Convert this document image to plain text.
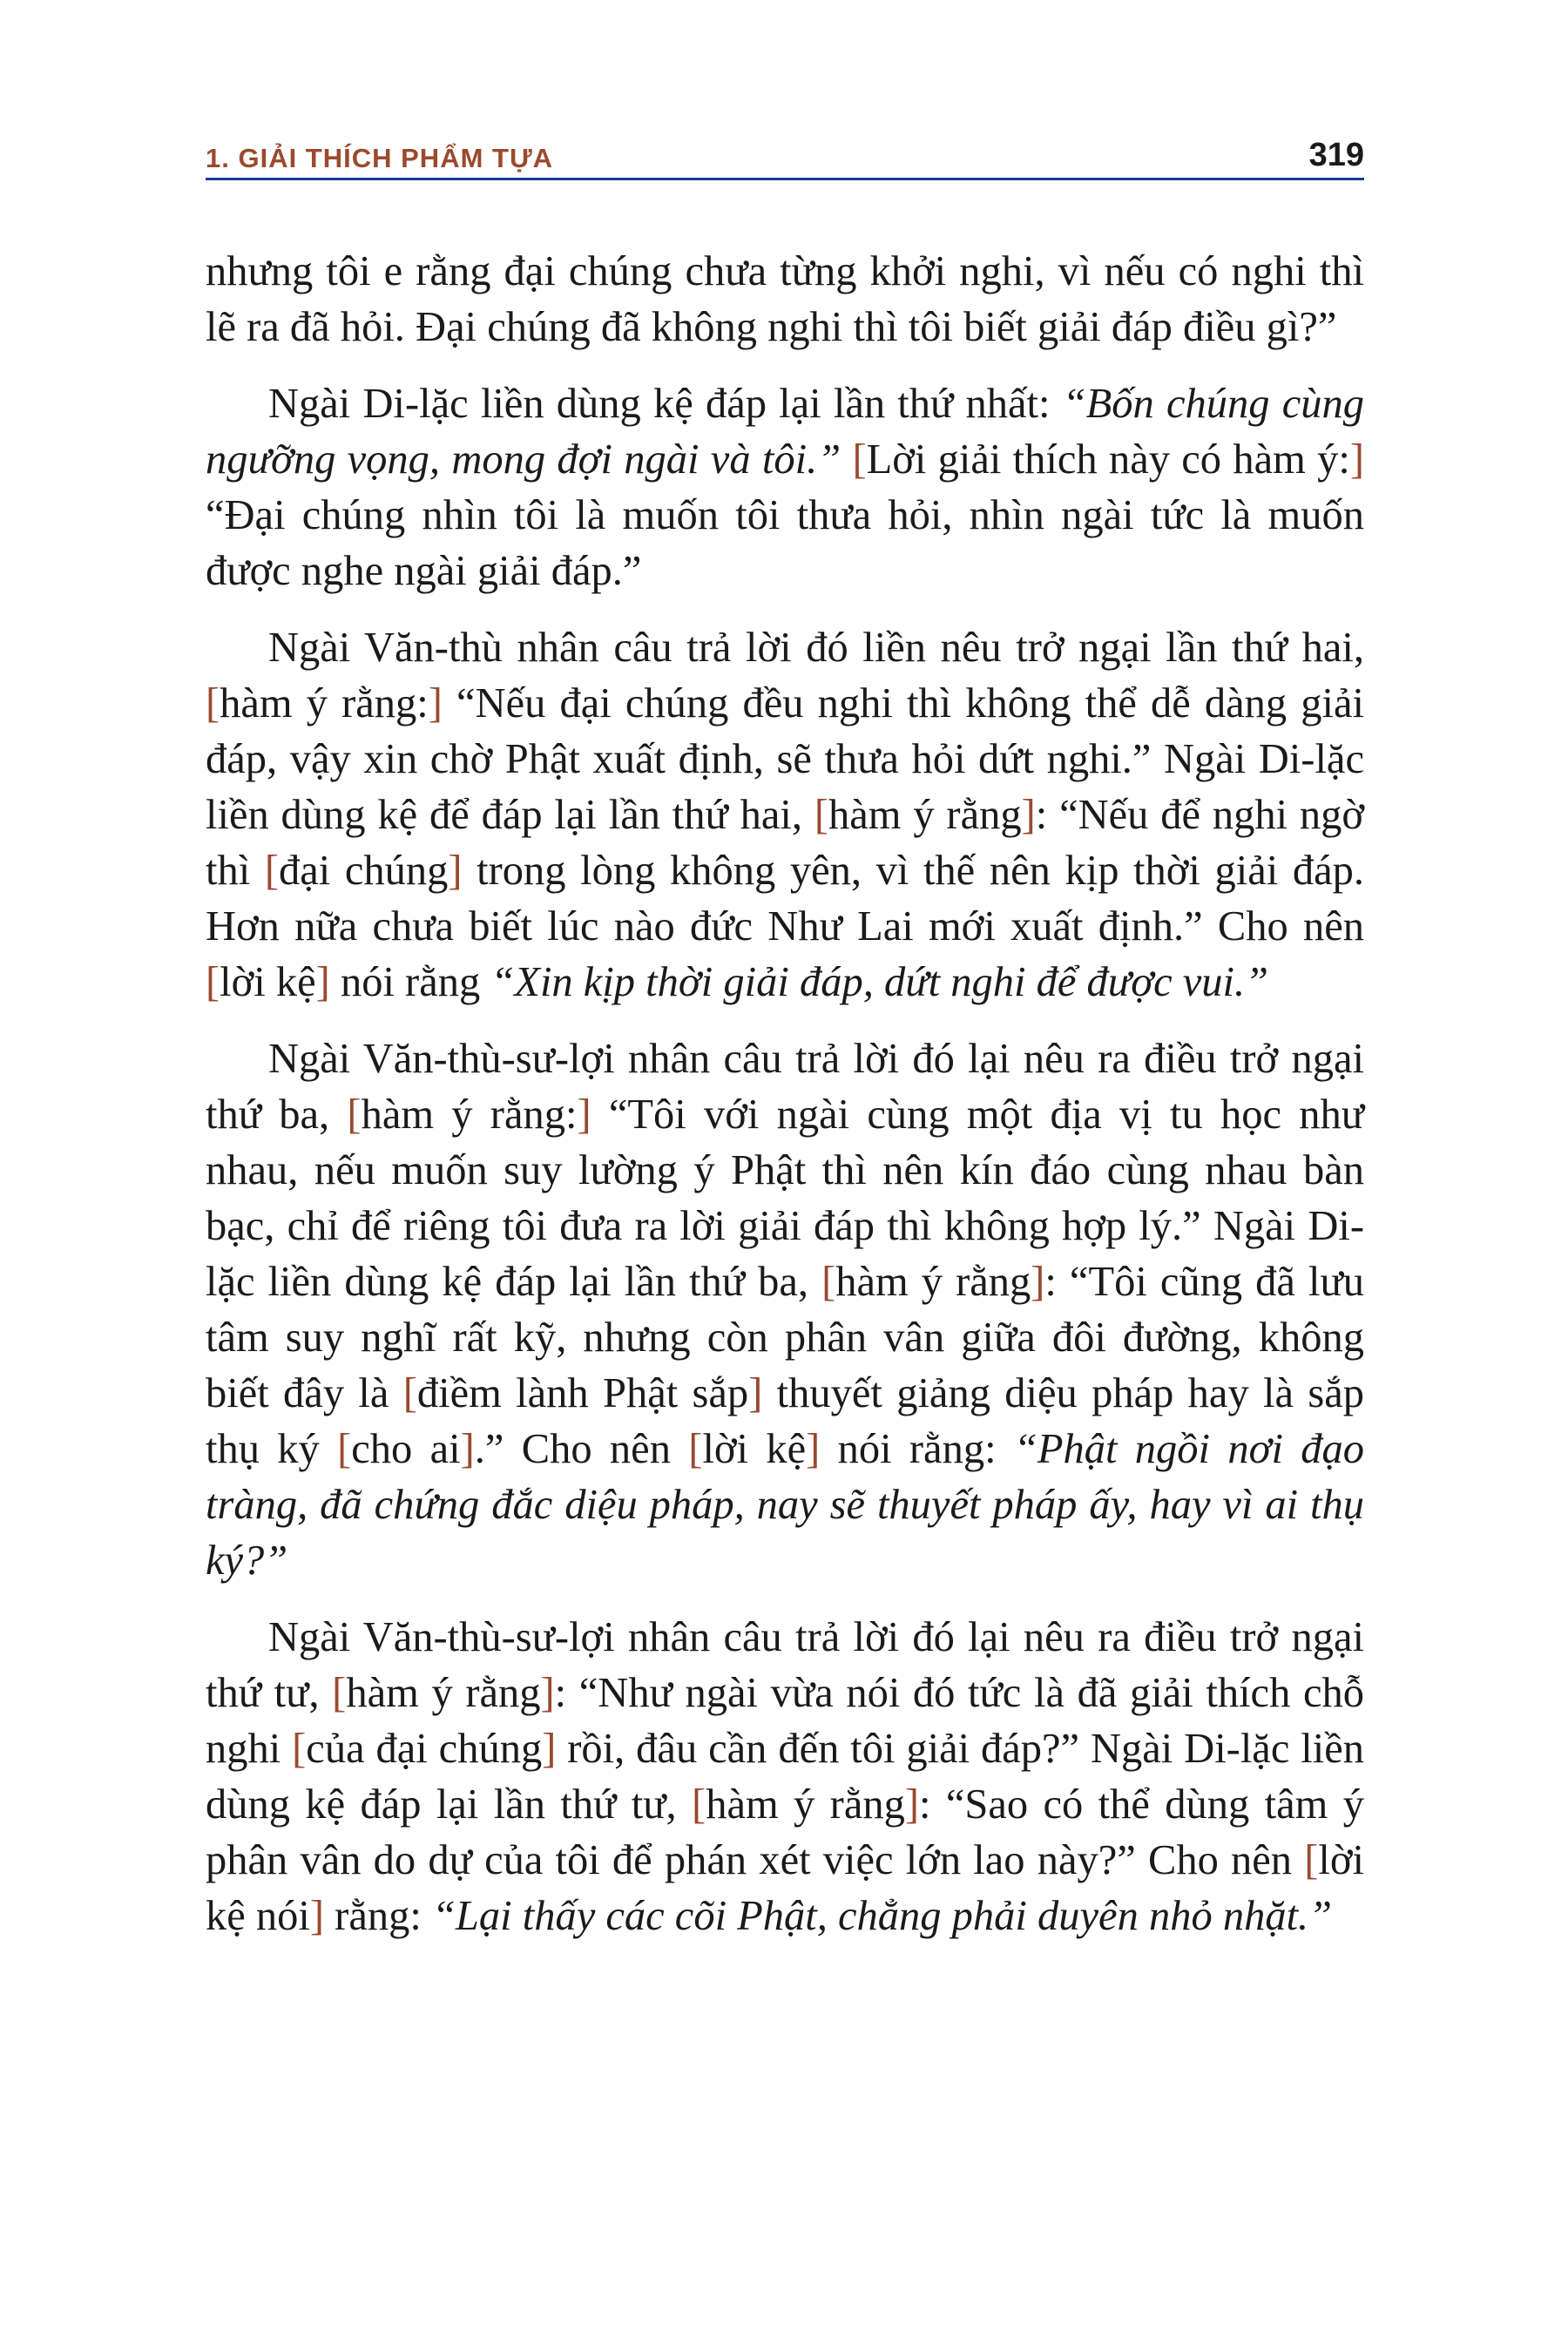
1. GIẢI THÍCH PHẨM TỰA	319

nhưng tôi e rằng đại chúng chưa từng khởi nghi, vì nếu có nghi thì lẽ ra đã hỏi. Đại chúng đã không nghi thì tôi biết giải đáp điều gì?”

Ngài Di-lặc liền dùng kệ đáp lại lần thứ nhất: “Bốn chúng cùng ngưỡng vọng, mong đợi ngài và tôi.” [Lời giải thích này có hàm ý:] “Đại chúng nhìn tôi là muốn tôi thưa hỏi, nhìn ngài tức là muốn được nghe ngài giải đáp.”

Ngài Văn-thù nhân câu trả lời đó liền nêu trở ngại lần thứ hai, [hàm ý rằng:] “Nếu đại chúng đều nghi thì không thể dễ dàng giải đáp, vậy xin chờ Phật xuất định, sẽ thưa hỏi dứt nghi.” Ngài Di-lặc liền dùng kệ để đáp lại lần thứ hai, [hàm ý rằng]: “Nếu để nghi ngờ thì [đại chúng] trong lòng không yên, vì thế nên kịp thời giải đáp. Hơn nữa chưa biết lúc nào đức Như Lai mới xuất định.” Cho nên [lời kệ] nói rằng “Xin kịp thời giải đáp, dứt nghi để được vui.”

Ngài Văn-thù-sư-lợi nhân câu trả lời đó lại nêu ra điều trở ngại thứ ba, [hàm ý rằng:] “Tôi với ngài cùng một địa vị tu học như nhau, nếu muốn suy lường ý Phật thì nên kín đáo cùng nhau bàn bạc, chỉ để riêng tôi đưa ra lời giải đáp thì không hợp lý.” Ngài Di-lặc liền dùng kệ đáp lại lần thứ ba, [hàm ý rằng]: “Tôi cũng đã lưu tâm suy nghĩ rất kỹ, nhưng còn phân vân giữa đôi đường, không biết đây là [điềm lành Phật sắp] thuyết giảng diệu pháp hay là sắp thụ ký [cho ai].” Cho nên [lời kệ] nói rằng: “Phật ngồi nơi đạo tràng, đã chứng đắc diệu pháp, nay sẽ thuyết pháp ấy, hay vì ai thụ ký?”

Ngài Văn-thù-sư-lợi nhân câu trả lời đó lại nêu ra điều trở ngại thứ tư, [hàm ý rằng]: “Như ngài vừa nói đó tức là đã giải thích chỗ nghi [của đại chúng] rồi, đâu cần đến tôi giải đáp?” Ngài Di-lặc liền dùng kệ đáp lại lần thứ tư, [hàm ý rằng]: “Sao có thể dùng tâm ý phân vân do dự của tôi để phán xét việc lớn lao này?” Cho nên [lời kệ nói] rằng: “Lại thấy các cõi Phật, chẳng phải duyên nhỏ nhặt.”
